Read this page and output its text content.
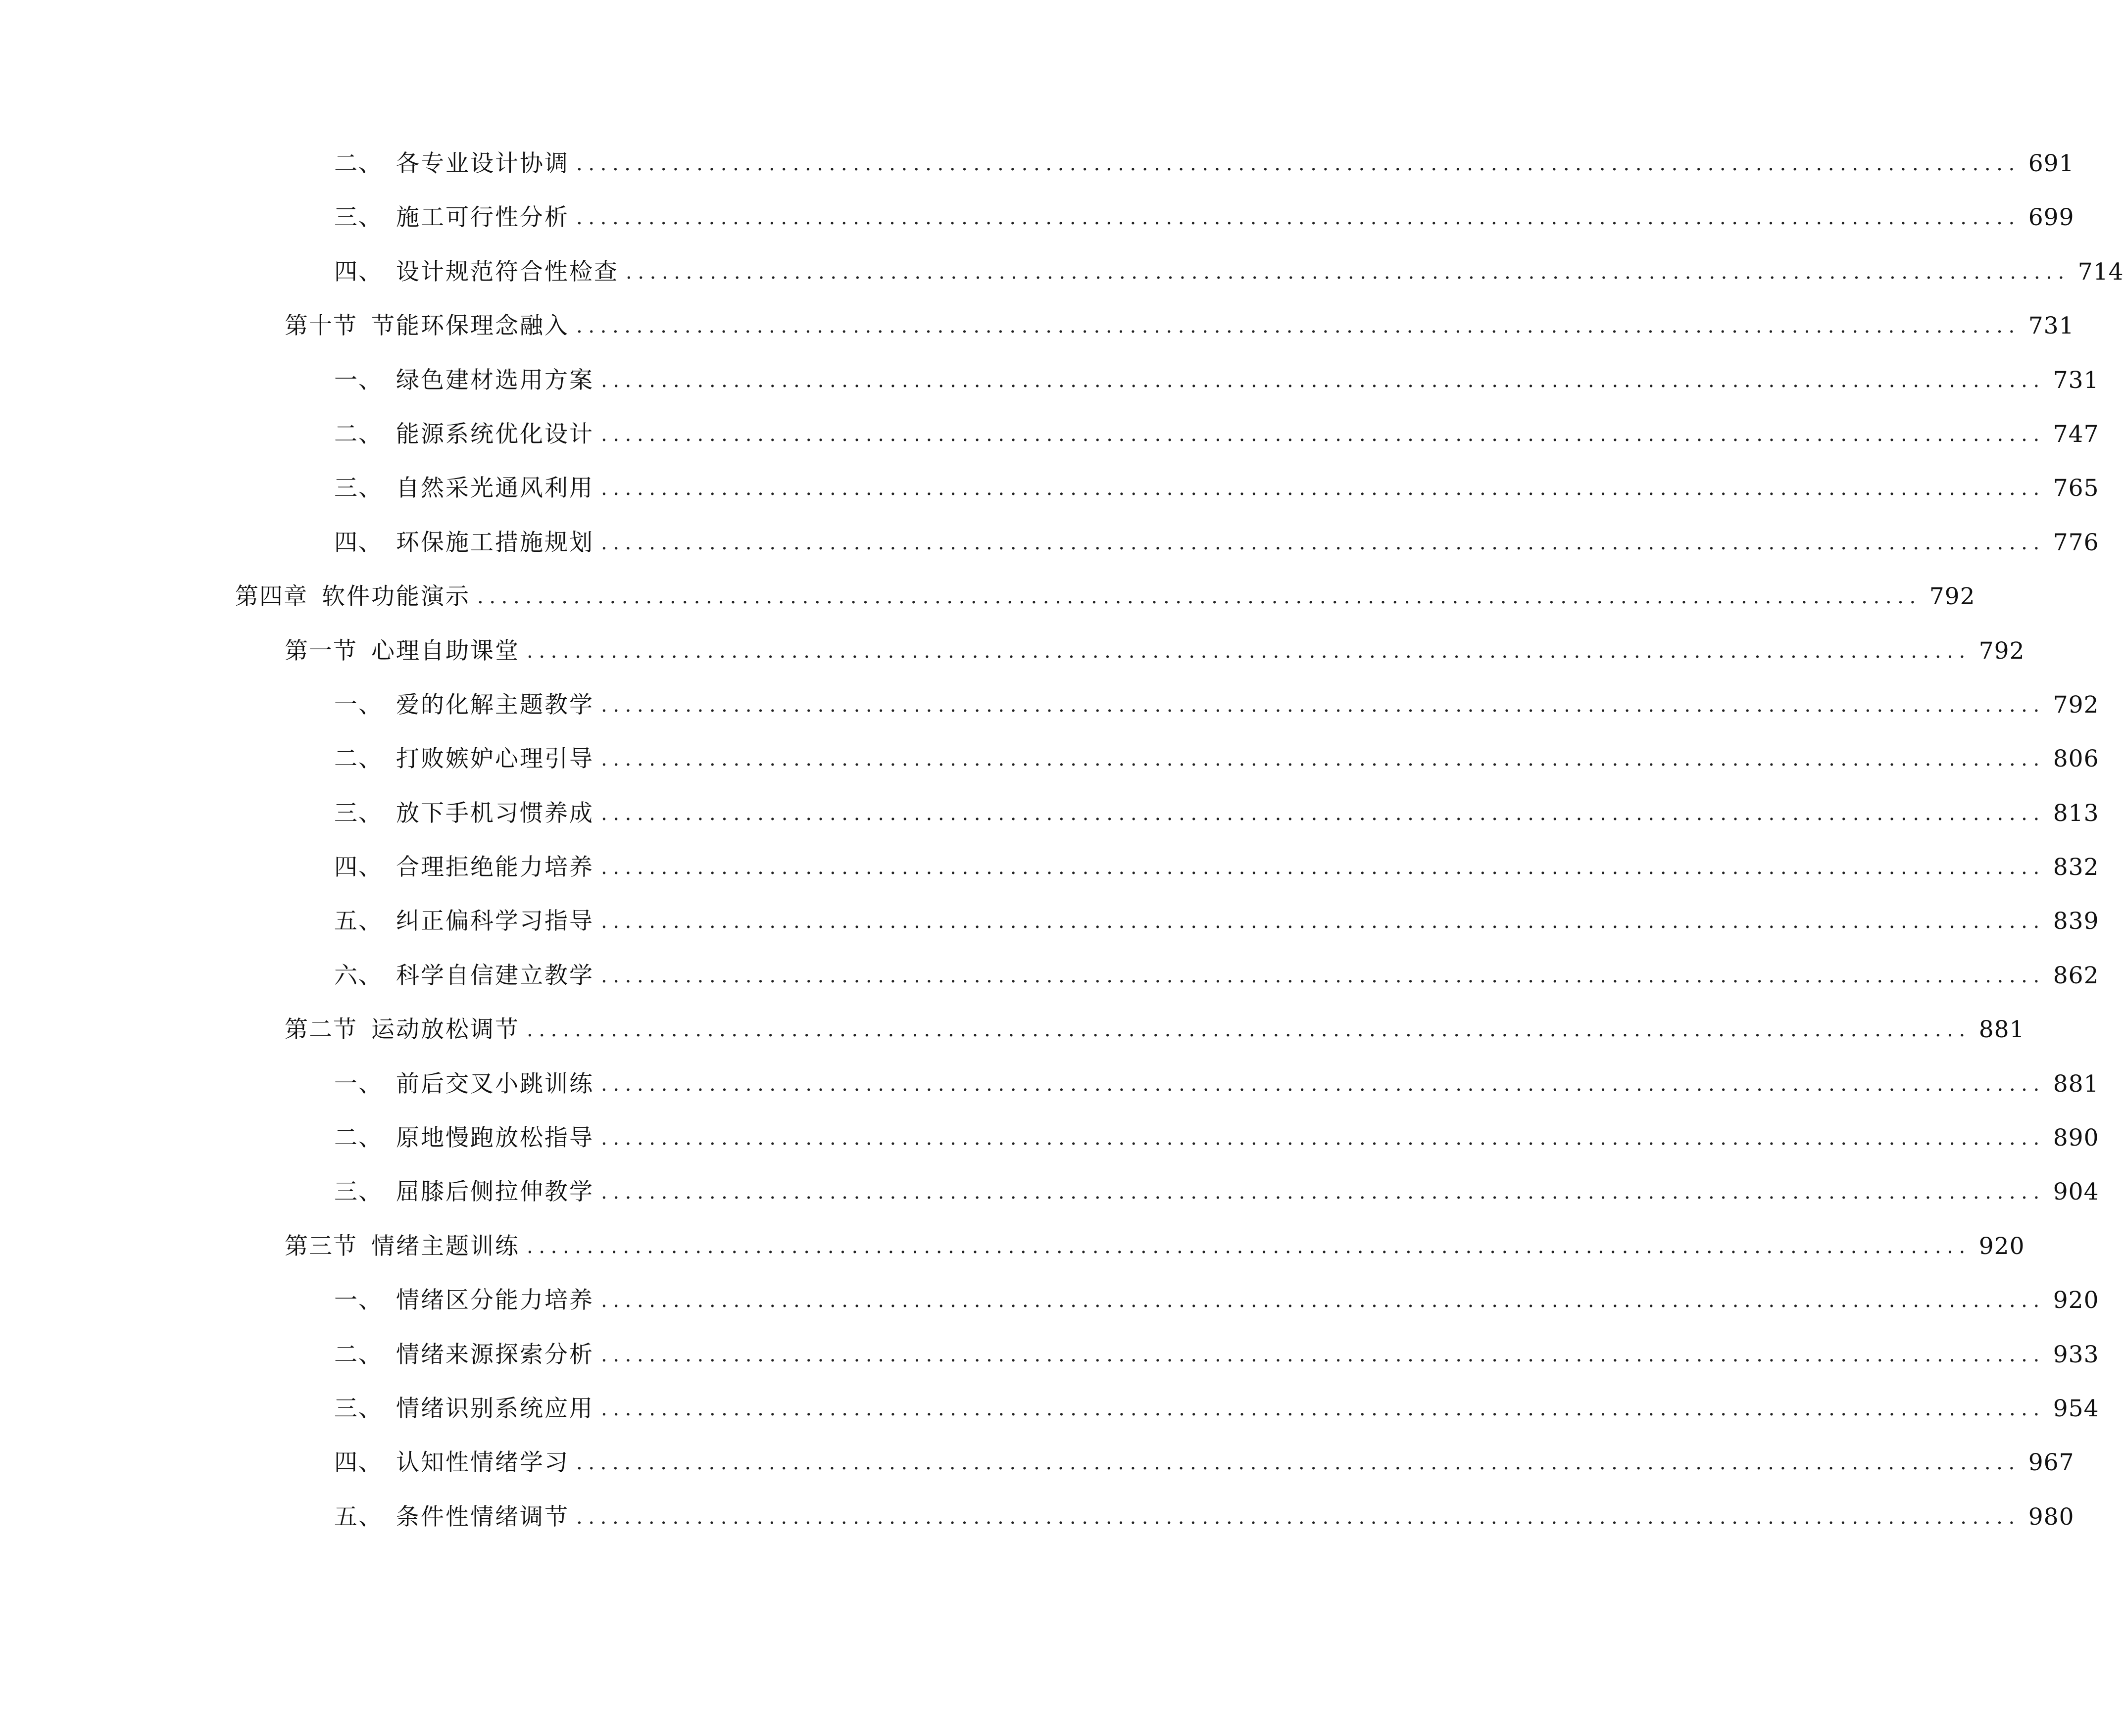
二、 各专业设计协调 ........................................................................................................................ 691
三、 施工可行性分析 ........................................................................................................................ 699
四、 设计规范符合性检查 ........................................................................................................................ 714
第十节 节能环保理念融入 ........................................................................................................................ 731
一、 绿色建材选用方案 ........................................................................................................................ 731
二、 能源系统优化设计 ........................................................................................................................ 747
三、 自然采光通风利用 ........................................................................................................................ 765
四、 环保施工措施规划 ........................................................................................................................ 776
第四章 软件功能演示 ........................................................................................................................ 792
第一节 心理自助课堂 ........................................................................................................................ 792
一、 爱的化解主题教学 ........................................................................................................................ 792
二、 打败嫉妒心理引导 ........................................................................................................................ 806
三、 放下手机习惯养成 ........................................................................................................................ 813
四、 合理拒绝能力培养 ........................................................................................................................ 832
五、 纠正偏科学习指导 ........................................................................................................................ 839
六、 科学自信建立教学 ........................................................................................................................ 862
第二节 运动放松调节 ........................................................................................................................ 881
一、 前后交叉小跳训练 ........................................................................................................................ 881
二、 原地慢跑放松指导 ........................................................................................................................ 890
三、 屈膝后侧拉伸教学 ........................................................................................................................ 904
第三节 情绪主题训练 ........................................................................................................................ 920
一、 情绪区分能力培养 ........................................................................................................................ 920
二、 情绪来源探索分析 ........................................................................................................................ 933
三、 情绪识别系统应用 ........................................................................................................................ 954
四、 认知性情绪学习 ........................................................................................................................ 967
五、 条件性情绪调节 ........................................................................................................................ 980
